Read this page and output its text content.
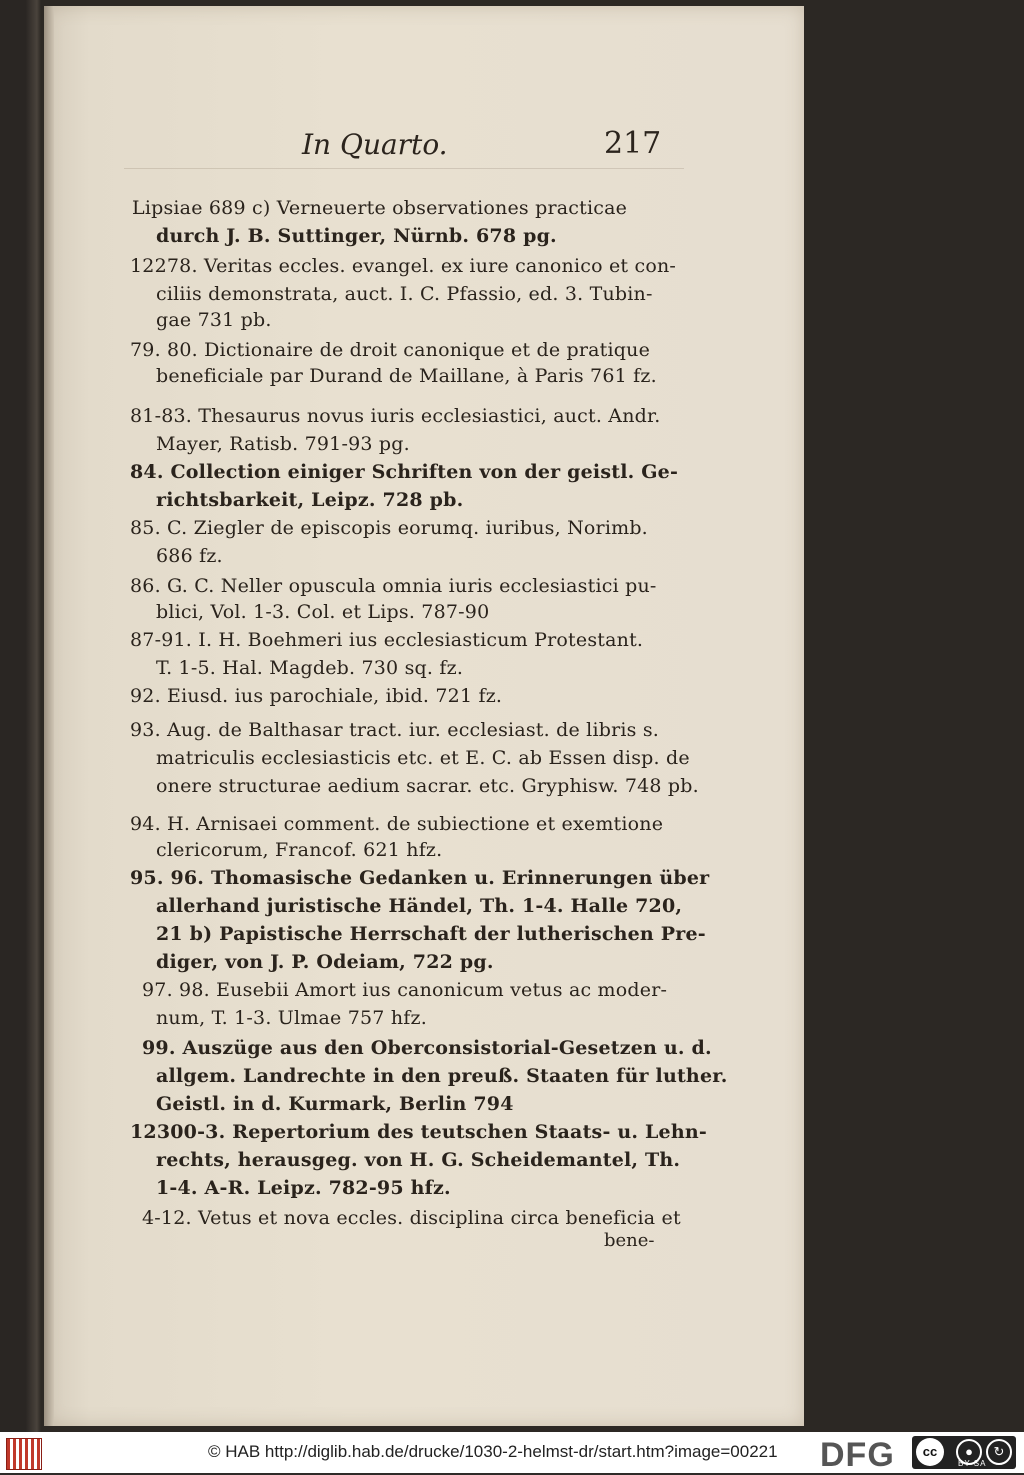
In Quarto.	217
Lipsiae 689 c) Verneuerte observationes practicae
durch J. B. Suttinger, Nürnb. 678 pg.
12278. Veritas eccles. evangel. ex iure canonico et con-
ciliis demonstrata, auct. I. C. Pfassio, ed. 3. Tubin-
gae 731 pb.
79. 80. Dictionaire de droit canonique et de pratique
beneficiale par Durand de Maillane, à Paris 761 fz.
81-83. Thesaurus novus iuris ecclesiastici, auct. Andr.
Mayer, Ratisb. 791-93 pg.
84. Collection einiger Schriften von der geistl. Ge-
richtsbarkeit, Leipz. 728 pb.
85. C. Ziegler de episcopis eorumq. iuribus, Norimb.
686 fz.
86. G. C. Neller opuscula omnia iuris ecclesiastici pu-
blici, Vol. 1-3. Col. et Lips. 787-90
87-91. I. H. Boehmeri ius ecclesiasticum Protestant.
T. 1-5. Hal. Magdeb. 730 sq. fz.
92. Eiusd. ius parochiale, ibid. 721 fz.
93. Aug. de Balthasar tract. iur. ecclesiast. de libris s.
matriculis ecclesiasticis etc. et E. C. ab Essen disp. de
onere structurae aedium sacrar. etc. Gryphisw. 748 pb.
94. H. Arnisaei comment. de subiectione et exemtione
clericorum, Francof. 621 hfz.
95. 96. Thomasische Gedanken u. Erinnerungen über
allerhand juristische Händel, Th. 1-4. Halle 720,
21 b) Papistische Herrschaft der lutherischen Pre-
diger, von J. P. Odeiam, 722 pg.
97. 98. Eusebii Amort ius canonicum vetus ac moder-
num, T. 1-3. Ulmae 757 hfz.
99. Auszüge aus den Oberconsistorial-Gesetzen u. d.
allgem. Landrechte in den preuß. Staaten für luther.
Geistl. in d. Kurmark, Berlin 794
12300-3. Repertorium des teutschen Staats- u. Lehn-
rechts, herausgeg. von H. G. Scheidemantel, Th.
1-4. A-R. Leipz. 782-95 hfz.
4-12. Vetus et nova eccles. disciplina circa beneficia et
bene-
© HAB http://diglib.hab.de/drucke/1030-2-helmst-dr/start.htm?image=00221 DFG	cc	●	↻
BY SA
